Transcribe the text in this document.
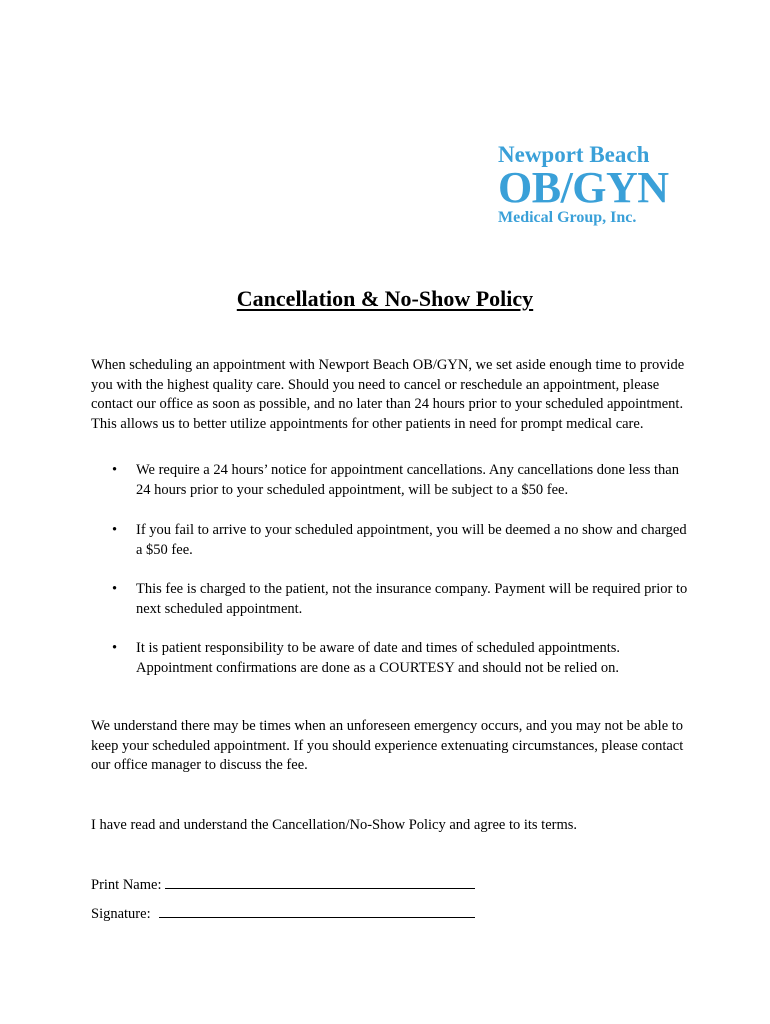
Newport Beach
OB/GYN
Medical Group, Inc.
Cancellation & No-Show Policy

When scheduling an appointment with Newport Beach OB/GYN, we set aside enough time to provide you with the highest quality care. Should you need to cancel or reschedule an appointment, please contact our office as soon as possible, and no later than 24 hours prior to your scheduled appointment. This allows us to better utilize appointments for other patients in need for prompt medical care.

• We require a 24 hours’ notice for appointment cancellations. Any cancellations done less than 24 hours prior to your scheduled appointment, will be subject to a $50 fee.
• If you fail to arrive to your scheduled appointment, you will be deemed a no show and charged a $50 fee.
• This fee is charged to the patient, not the insurance company. Payment will be required prior to next scheduled appointment.
• It is patient responsibility to be aware of date and times of scheduled appointments. Appointment confirmations are done as a COURTESY and should not be relied on.

We understand there may be times when an unforeseen emergency occurs, and you may not be able to keep your scheduled appointment. If you should experience extenuating circumstances, please contact our office manager to discuss the fee.

I have read and understand the Cancellation/No-Show Policy and agree to its terms.

Print Name:
Signature:
